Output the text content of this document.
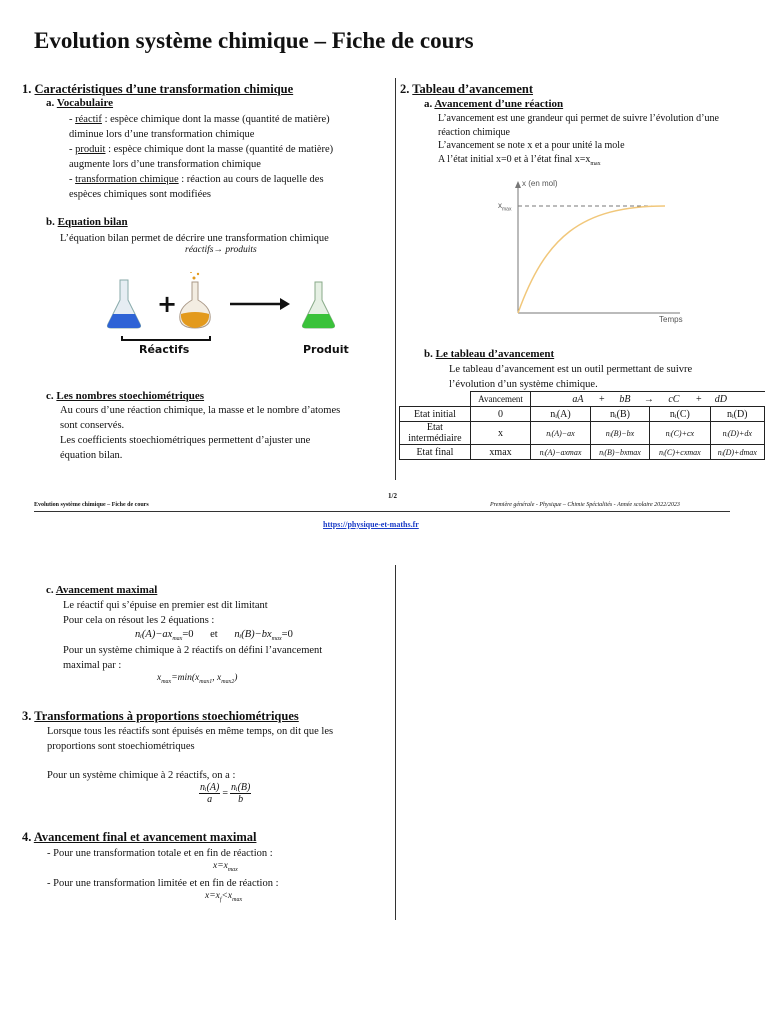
Evolution système chimique – Fiche de cours
1. Caractéristiques d’une transformation chimique
a. Vocabulaire
- réactif : espèce chimique dont la masse (quantité de matière)
diminue lors d’une transformation chimique
- produit : espèce chimique dont la masse (quantité de matière)
augmente lors d’une transformation chimique
- transformation chimique : réaction au cours de laquelle des
espèces chimiques sont modifiées
b. Equation bilan
L’équation bilan permet de décrire une transformation chimique
réactifs→ produits
+
Réactifs	Produit
c. Les nombres stoechiométriques
Au cours d’une réaction chimique, la masse et le nombre d’atomes
sont conservés.
Les coefficients stoechiométriques permettent d’ajuster une
équation bilan.
2. Tableau d’avancement
a. Avancement d’une réaction
L’avancement est une grandeur qui permet de suivre l’évolution d’une
réaction chimique
L’avancement se note x et a pour unité la mole
A l’état initial x=0 et à l’état final $x=x_{max}$
x (en mol)
$x_{max}$
Temps
b. Le tableau d’avancement
Le tableau d’avancement est un outil permettant de suivre
l’évolution d’un système chimique.
	Avancement	aA + bB → cC + dD			
Etat initial	0	nᵢ(A)	nᵢ(B)	nᵢ(C)	nᵢ(D)
Etat intermédiaire	x	nᵢ(A)−ax	nᵢ(B)−bx	nᵢ(C)+cx	nᵢ(D)+dx
Etat final	xmax	nᵢ(A)−axmax	nᵢ(B)−bxmax	nᵢ(C)+cxmax	nᵢ(D)+dmax
1/2
Evolution système chimique – Fiche de cours	Première générale - Physique – Chimie Spécialités - Année scolaire 2022/2023
https://physique-et-maths.fr
c. Avancement maximal
Le réactif qui s’épuise en premier est dit limitant
Pour cela on résout les 2 équations :
$nᵢ(A)-ax_{max}=0$ et $nᵢ(B)-bx_{max}=0$
Pour un système chimique à 2 réactifs on défini l’avancement
maximal par :
$x_{max}=\min(x_{max1}$, $x_{max2}$)
3. Transformations à proportions stoechiométriques
Lorsque tous les réactifs sont épuisés en même temps, on dit que les
proportions sont stoechiométriques
Pour un système chimique à 2 réactifs, on a :
$\frac{\text{nᵢ(A)}}{a} = \frac{\text{nᵢ(B)}}{b}$
4. Avancement final et avancement maximal
- Pour une transformation totale et en fin de réaction :
$x=x_{max}$
- Pour une transformation limitée et en fin de réaction :
$x=x_f<x_{max}$
